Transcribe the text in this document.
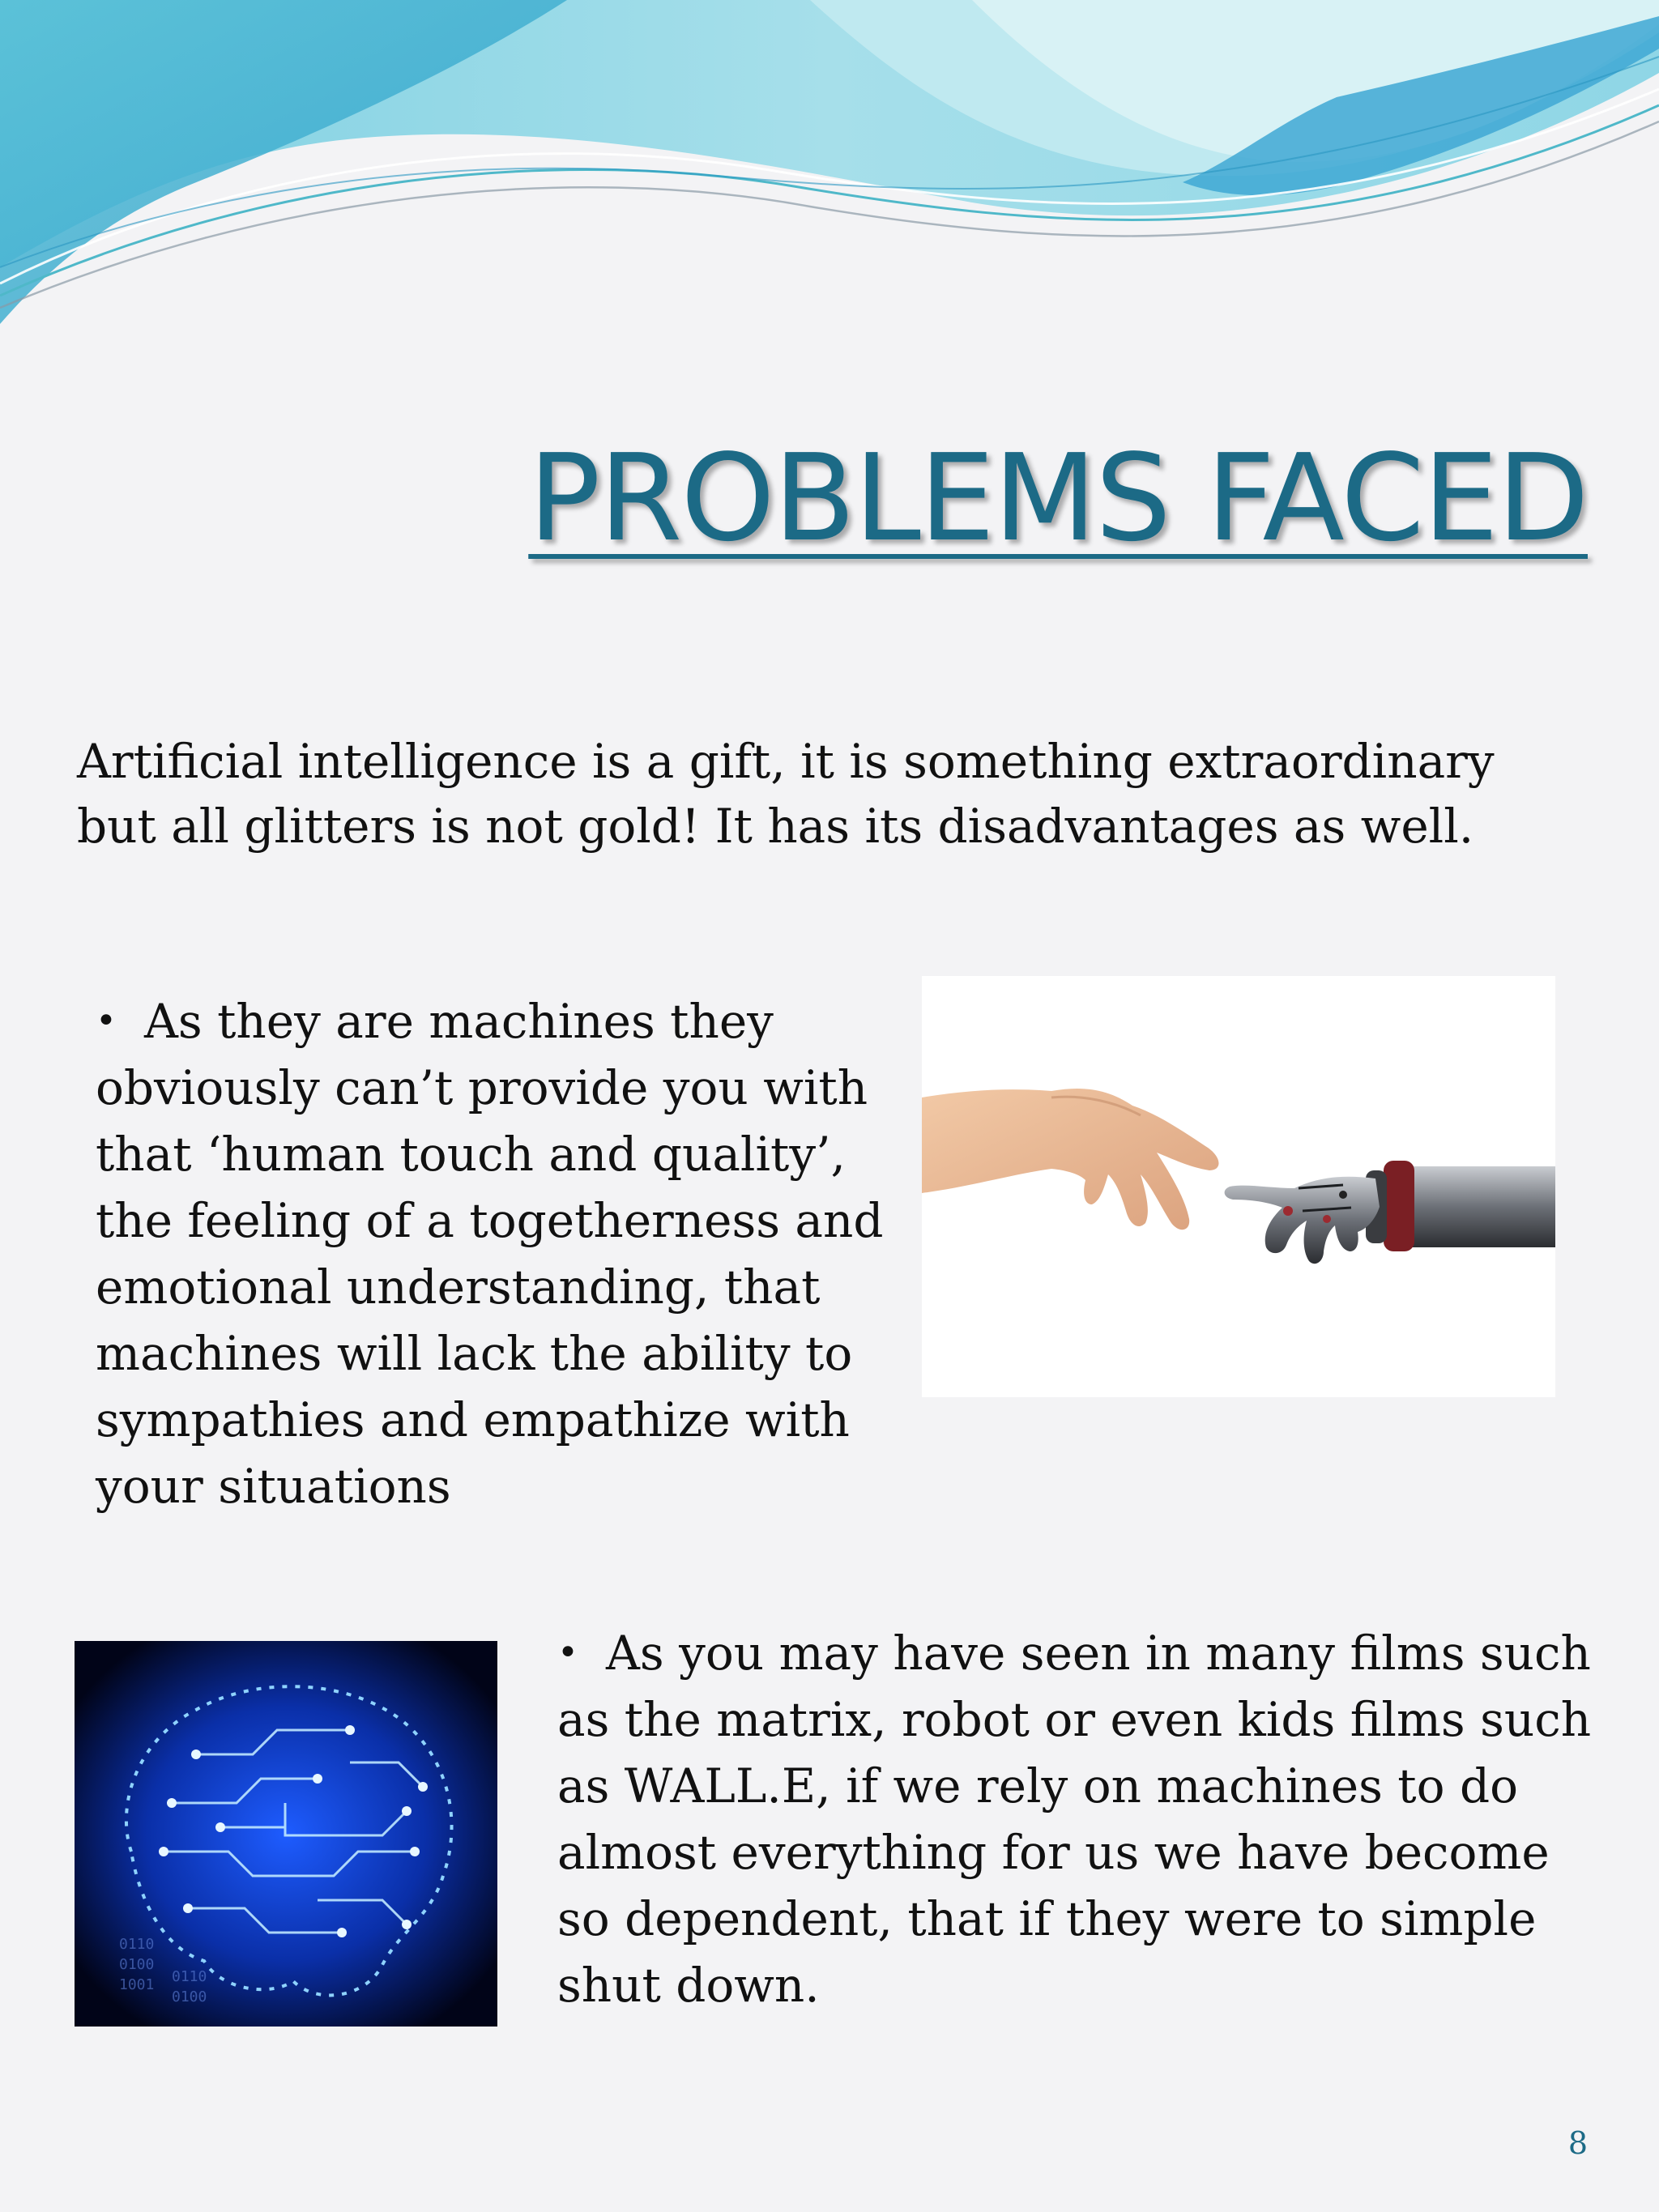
PROBLEMS FACED

Artificial intelligence is a gift, it is something extraordinary but all glitters is not gold! It has its disadvantages as well.

• As they are machines they obviously can’t provide you with that ‘human touch and quality’, the feeling of a togetherness and emotional understanding, that machines will lack the ability to sympathies and empathize with your situations

0110
0100
1001 0110
0100

• As you may have seen in many films such as the matrix, robot or even kids films such as WALL.E, if we rely on machines to do almost everything for us we have become so dependent, that if they were to simple shut down.

8
